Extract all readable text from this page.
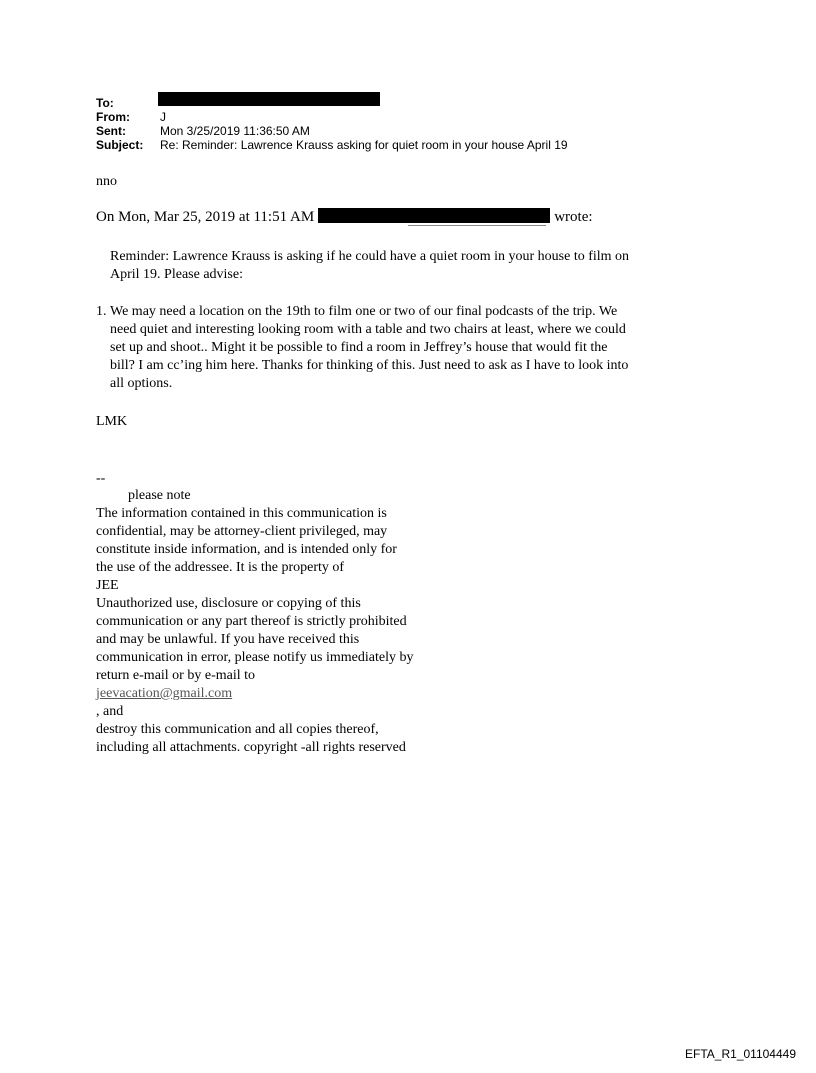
To:
From:	J
Sent:	Mon 3/25/2019 11:36:50 AM
Subject:	Re: Reminder: Lawrence Krauss asking for quiet room in your house April 19
nno
On Mon, Mar 25, 2019 at 11:51 AM	wrote:
Reminder: Lawrence Krauss is asking if he could have a quiet room in your house to film on
April 19. Please advise:
1. We may need a location on the 19th to film one or two of our final podcasts of the trip. We
need quiet and interesting looking room with a table and two chairs at least, where we could
set up and shoot.. Might it be possible to find a room in Jeffrey’s house that would fit the
bill? I am cc’ing him here. Thanks for thinking of this. Just need to ask as I have to look into
all options.
LMK
--
please note
The information contained in this communication is
confidential, may be attorney-client privileged, may
constitute inside information, and is intended only for
the use of the addressee. It is the property of
JEE
Unauthorized use, disclosure or copying of this
communication or any part thereof is strictly prohibited
and may be unlawful. If you have received this
communication in error, please notify us immediately by
return e-mail or by e-mail to
jeevacation@gmail.com
, and
destroy this communication and all copies thereof,
including all attachments. copyright -all rights reserved
EFTA_R1_01104449
